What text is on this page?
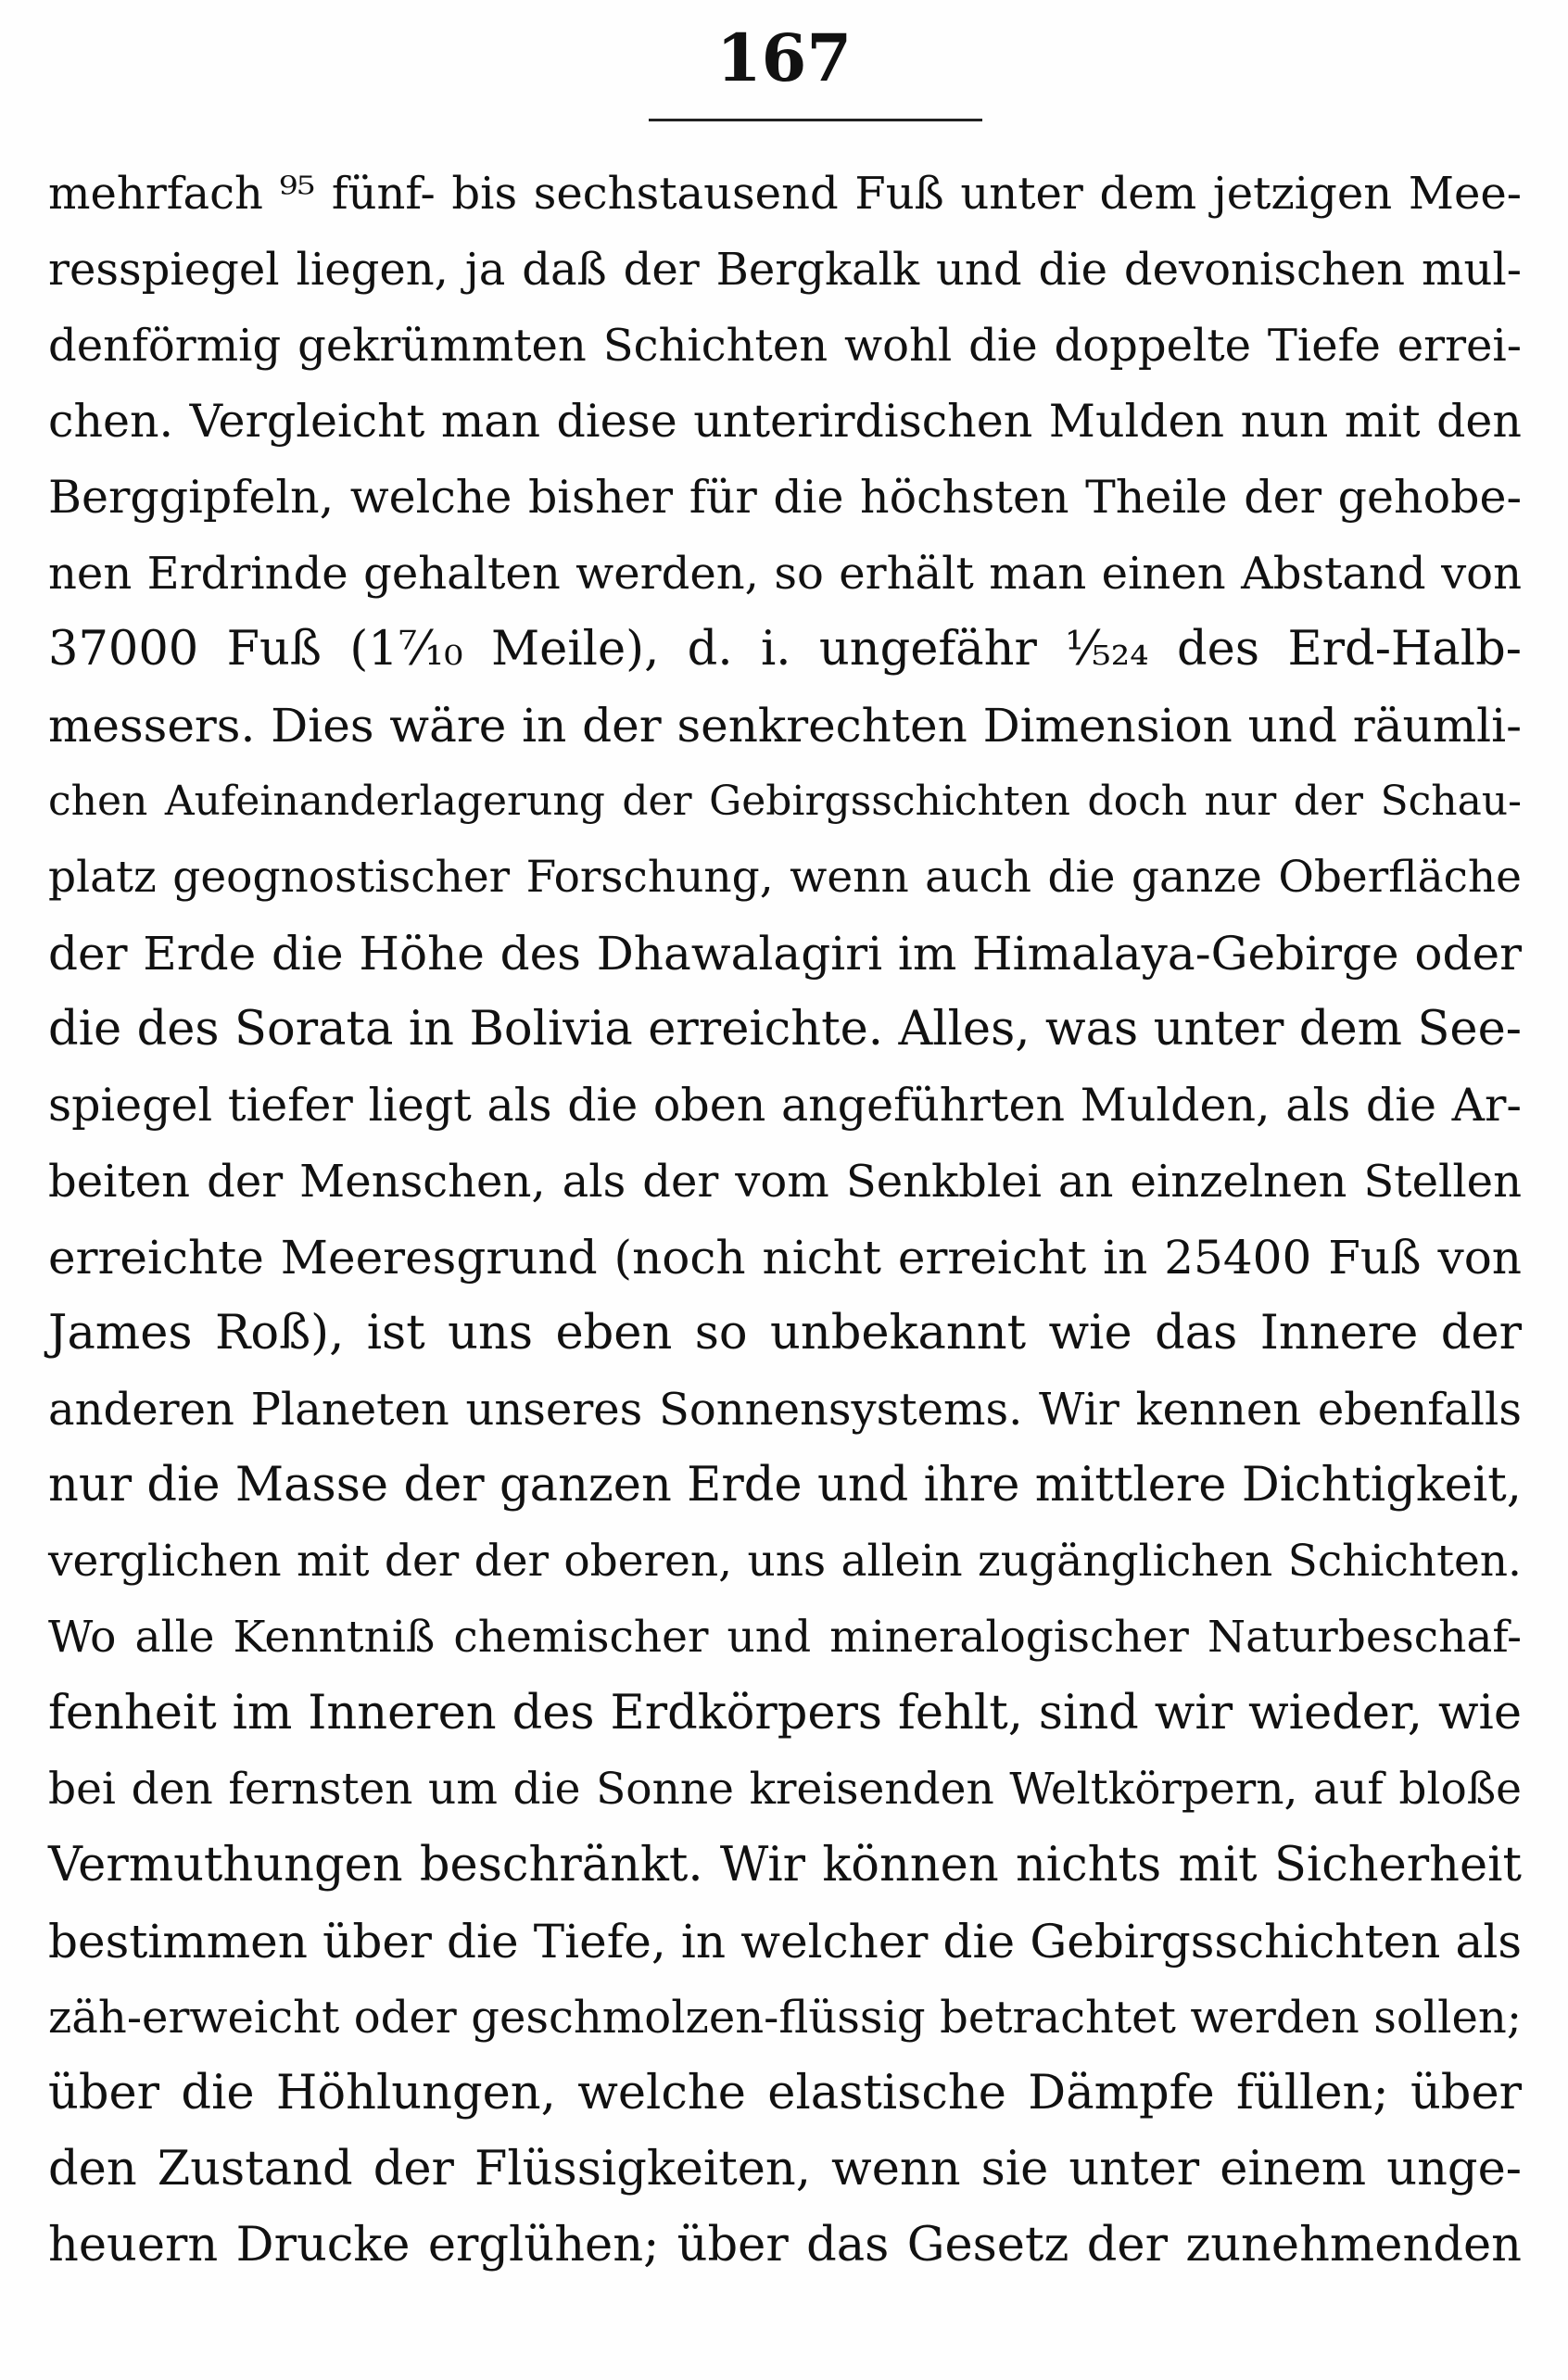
167
mehrfach ⁹⁵ fünf- bis sechstausend Fuß unter dem jetzigen Mee-
resspiegel liegen, ja daß der Bergkalk und die devonischen mul-
denförmig gekrümmten Schichten wohl die doppelte Tiefe errei-
chen. Vergleicht man diese unterirdischen Mulden nun mit den
Berggipfeln, welche bisher für die höchsten Theile der gehobe-
nen Erdrinde gehalten werden, so erhält man einen Abstand von
37000 Fuß (1⁷⁄₁₀ Meile), d. i. ungefähr ¹⁄₅₂₄ des Erd-Halb-
messers. Dies wäre in der senkrechten Dimension und räumli-
chen Aufeinanderlagerung der Gebirgsschichten doch nur der Schau-
platz geognostischer Forschung, wenn auch die ganze Oberfläche
der Erde die Höhe des Dhawalagiri im Himalaya-Gebirge oder
die des Sorata in Bolivia erreichte. Alles, was unter dem See-
spiegel tiefer liegt als die oben angeführten Mulden, als die Ar-
beiten der Menschen, als der vom Senkblei an einzelnen Stellen
erreichte Meeresgrund (noch nicht erreicht in 25400 Fuß von
James Roß), ist uns eben so unbekannt wie das Innere der
anderen Planeten unseres Sonnensystems. Wir kennen ebenfalls
nur die Masse der ganzen Erde und ihre mittlere Dichtigkeit,
verglichen mit der der oberen, uns allein zugänglichen Schichten.
Wo alle Kenntniß chemischer und mineralogischer Naturbeschaf-
fenheit im Inneren des Erdkörpers fehlt, sind wir wieder, wie
bei den fernsten um die Sonne kreisenden Weltkörpern, auf bloße
Vermuthungen beschränkt. Wir können nichts mit Sicherheit
bestimmen über die Tiefe, in welcher die Gebirgsschichten als
zäh-erweicht oder geschmolzen-flüssig betrachtet werden sollen;
über die Höhlungen, welche elastische Dämpfe füllen; über
den Zustand der Flüssigkeiten, wenn sie unter einem unge-
heuern Drucke erglühen; über das Gesetz der zunehmenden
